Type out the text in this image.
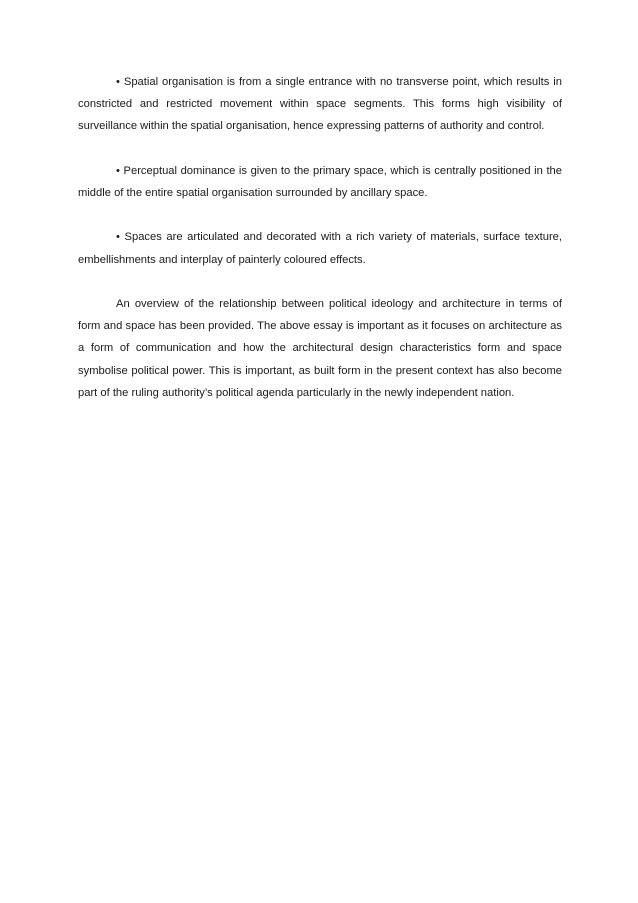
• Spatial organisation is from a single entrance with no transverse point, which results in constricted and restricted movement within space segments. This forms high visibility of surveillance within the spatial organisation, hence expressing patterns of authority and control.

• Perceptual dominance is given to the primary space, which is centrally positioned in the middle of the entire spatial organisation surrounded by ancillary space.

• Spaces are articulated and decorated with a rich variety of materials, surface texture, embellishments and interplay of painterly coloured effects.

An overview of the relationship between political ideology and architecture in terms of form and space has been provided. The above essay is important as it focuses on architecture as a form of communication and how the architectural design characteristics form and space symbolise political power. This is important, as built form in the present context has also become part of the ruling authority’s political agenda particularly in the newly independent nation.
